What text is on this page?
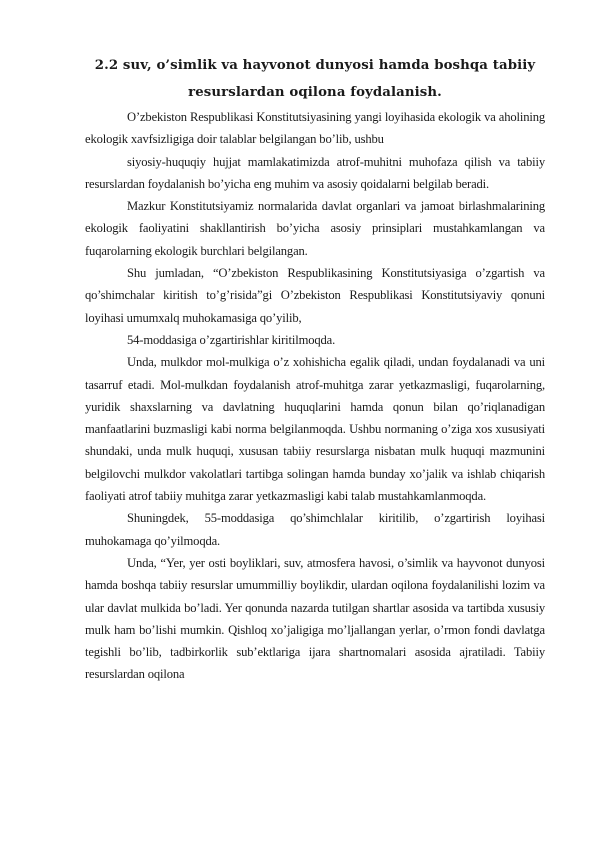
2.2 suv, o’simlik va hayvonot dunyosi hamda boshqa tabiiy resurslardan oqilona foydalanish.

O’zbekiston Respublikasi Konstitutsiyasining yangi loyihasida ekologik va aholining ekologik xavfsizligiga doir talablar belgilangan bo’lib, ushbu

siyosiy-huquqiy hujjat mamlakatimizda atrof-muhitni muhofaza qilish va tabiiy resurslardan foydalanish bo’yicha eng muhim va asosiy qoidalarni belgilab beradi.

Mazkur Konstitutsiyamiz normalarida davlat organlari va jamoat birlashmalarining ekologik faoliyatini shakllantirish bo’yicha asosiy prinsiplari mustahkamlangan va fuqarolarning ekologik burchlari belgilangan.

Shu jumladan, “O’zbekiston Respublikasining Konstitutsiyasiga o’zgartish va qo’shimchalar kiritish to’g’risida”gi O’zbekiston Respublikasi Konstitutsiyaviy qonuni loyihasi umumxalq muhokamasiga qo’yilib,

54-moddasiga o’zgartirishlar kiritilmoqda.

Unda, mulkdor mol-mulkiga o’z xohishicha egalik qiladi, undan foydalanadi va uni tasarruf etadi. Mol-mulkdan foydalanish atrof-muhitga zarar yetkazmasligi, fuqarolarning, yuridik shaxslarning va davlatning huquqlarini hamda qonun bilan qo’riqlanadigan manfaatlarini buzmasligi kabi norma belgilanmoqda. Ushbu normaning o’ziga xos xususiyati shundaki, unda mulk huquqi, xususan tabiiy resurslarga nisbatan mulk huquqi mazmunini belgilovchi mulkdor vakolatlari tartibga solingan hamda bunday xo’jalik va ishlab chiqarish faoliyati atrof tabiiy muhitga zarar yetkazmasligi kabi talab mustahkamlanmoqda.

Shuningdek, 55-moddasiga qo’shimchlalar kiritilib, o’zgartirish loyihasi muhokamaga qo’yilmoqda.

Unda, “Yer, yer osti boyliklari, suv, atmosfera havosi, o’simlik va hayvonot dunyosi hamda boshqa tabiiy resurslar umummilliy boylikdir, ulardan oqilona foydalanilishi lozim va ular davlat mulkida bo’ladi. Yer qonunda nazarda tutilgan shartlar asosida va tartibda xususiy mulk ham bo’lishi mumkin. Qishloq xo’jaligiga mo’ljallangan yerlar, o’rmon fondi davlatga tegishli bo’lib, tadbirkorlik sub’ektlariga ijara shartnomalari asosida ajratiladi. Tabiiy resurslardan oqilona
